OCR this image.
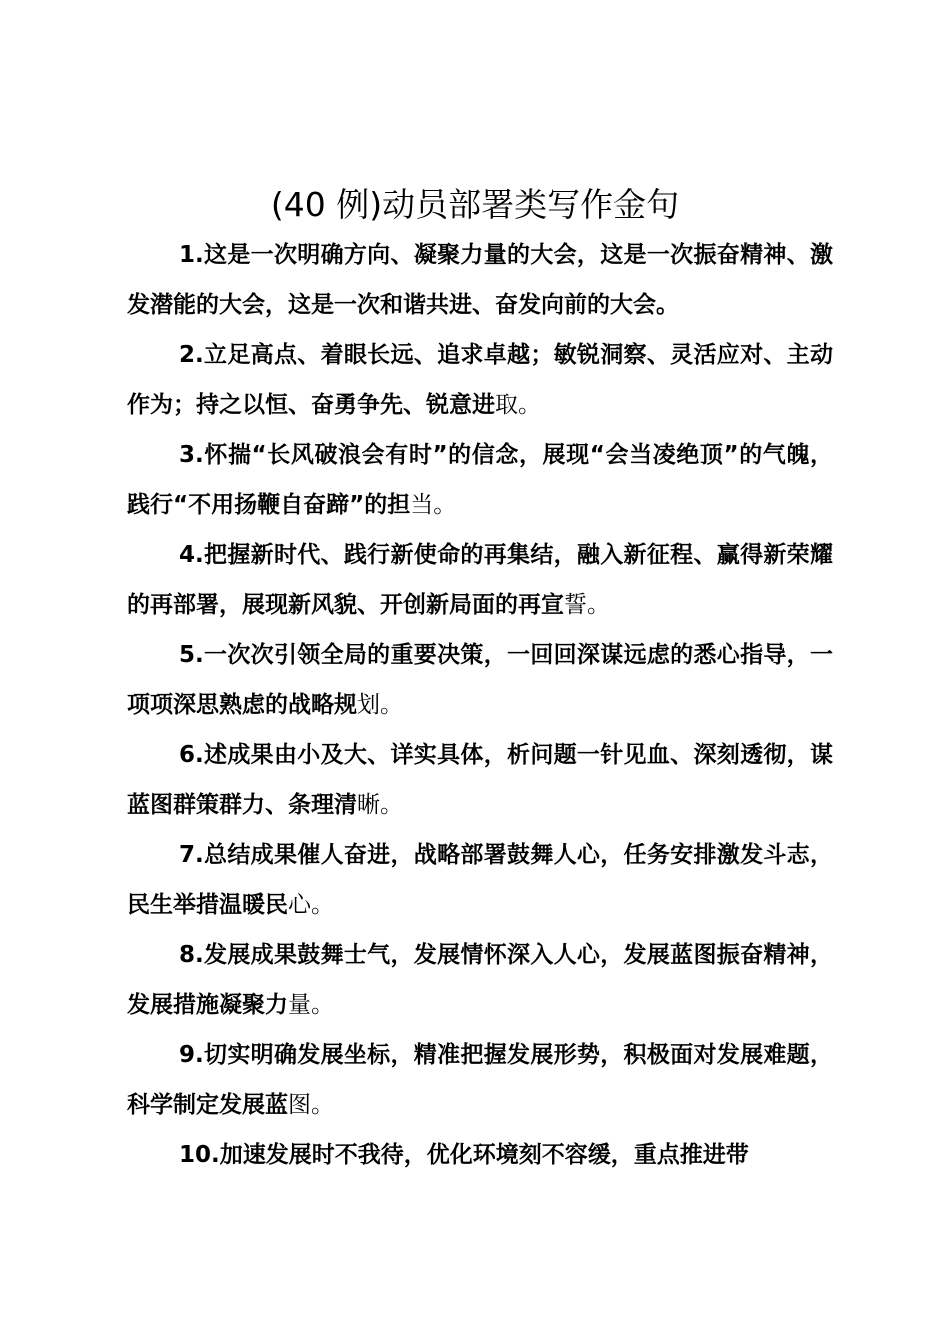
(40 例)动员部署类写作金句

1.这是一次明确方向、凝聚力量的大会，这是一次振奋精神、激发潜能的大会，这是一次和谐共进、奋发向前的大会。

2.立足高点、着眼长远、追求卓越；敏锐洞察、灵活应对、主动作为；持之以恒、奋勇争先、锐意进取。

3.怀揣“长风破浪会有时”的信念，展现“会当凌绝顶”的气魄，践行“不用扬鞭自奋蹄”的担当。

4.把握新时代、践行新使命的再集结，融入新征程、赢得新荣耀的再部署，展现新风貌、开创新局面的再宣誓。

5.一次次引领全局的重要决策，一回回深谋远虑的悉心指导，一项项深思熟虑的战略规划。

6.述成果由小及大、详实具体，析问题一针见血、深刻透彻，谋蓝图群策群力、条理清晰。

7.总结成果催人奋进，战略部署鼓舞人心，任务安排激发斗志，民生举措温暖民心。

8.发展成果鼓舞士气，发展情怀深入人心，发展蓝图振奋精神，发展措施凝聚力量。

9.切实明确发展坐标，精准把握发展形势，积极面对发展难题，科学制定发展蓝图。

10.加速发展时不我待，优化环境刻不容缓，重点推进带
